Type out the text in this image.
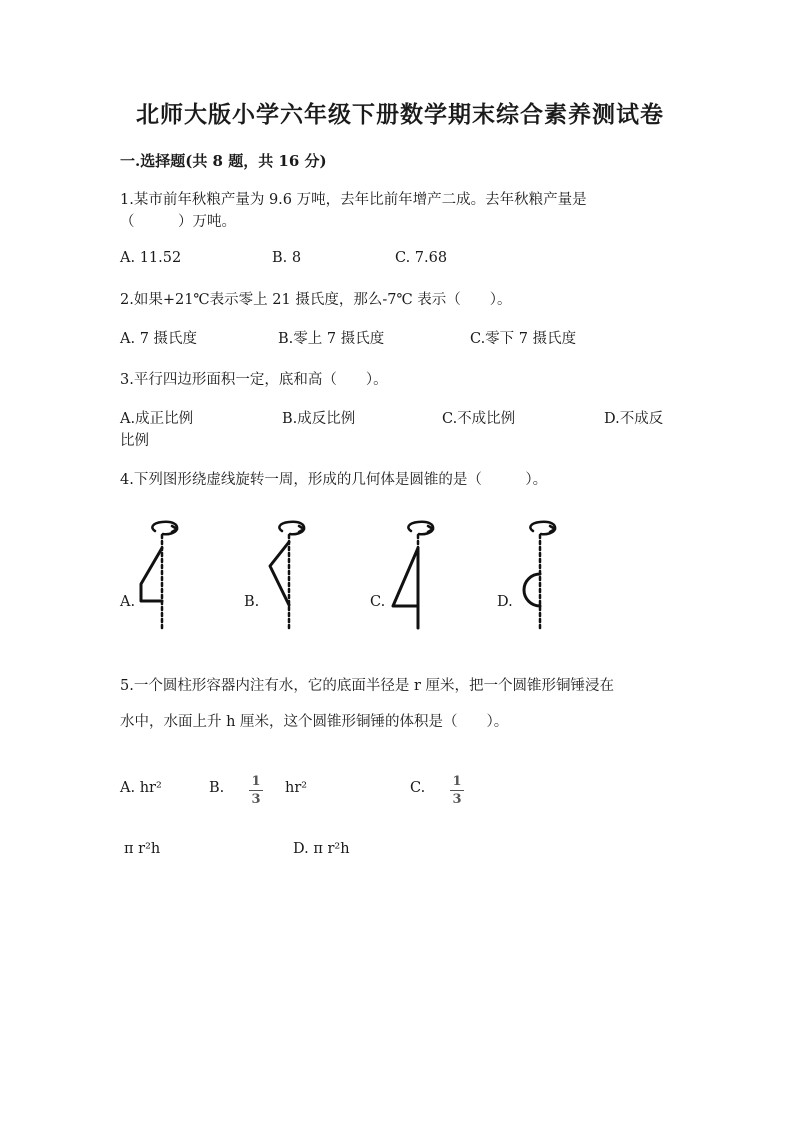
北师大版小学六年级下册数学期末综合素养测试卷
一.选择题(共 8 题，共 16 分)
1.某市前年秋粮产量为 9.6 万吨，去年比前年增产二成。去年秋粮产量是
（　　　）万吨。
A. 11.52	B. 8	C. 7.68
2.如果+21℃表示零上 21 摄氏度，那么-7℃ 表示（　　）。
A. 7 摄氏度	B.零上 7 摄氏度	C.零下 7 摄氏度
3.平行四边形面积一定，底和高（　　）。
A.成正比例	B.成反比例	C.不成比例	D.不成反
比例
4.下列图形绕虚线旋转一周，形成的几何体是圆锥的是（　　　）。
A.	B.	C.	D.
5.一个圆柱形容器内注有水，它的底面半径是 r 厘米，把一个圆锥形铜锤浸在
水中，水面上升 h 厘米，这个圆锥形铜锤的体积是（　　）。
A. hr²	B. 1
3
hr²	C. 1
3
π r²h	D. π r²h
